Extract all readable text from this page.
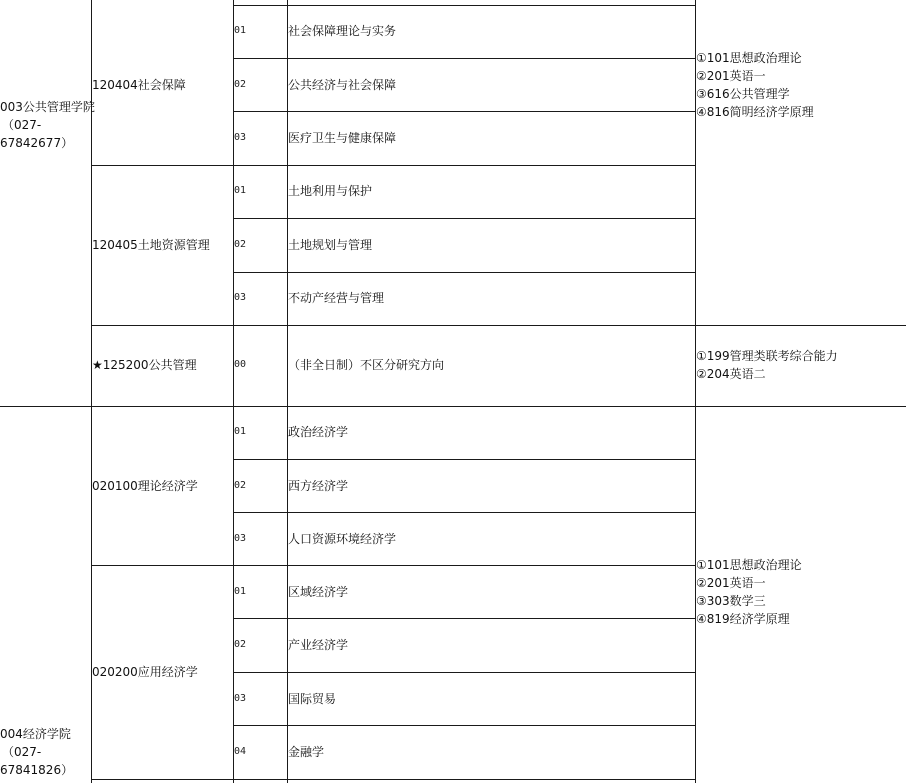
003公共管理学院
（027-
67842677）
004经济学院
（027-
67841826）
120404社会保障
120405土地资源管理
★125200公共管理
020100理论经济学
020200应用经济学
01
02
03
01
02
03
00
01
02
03
01
02
03
04
社会保障理论与实务
公共经济与社会保障
医疗卫生与健康保障
土地利用与保护
土地规划与管理
不动产经营与管理
（非全日制）不区分研究方向
政治经济学
西方经济学
人口资源环境经济学
区域经济学
产业经济学
国际贸易
金融学
①101思想政治理论
②201英语一
③616公共管理学
④816简明经济学原理
①199管理类联考综合能力
②204英语二
①101思想政治理论
②201英语一
③303数学三
④819经济学原理
